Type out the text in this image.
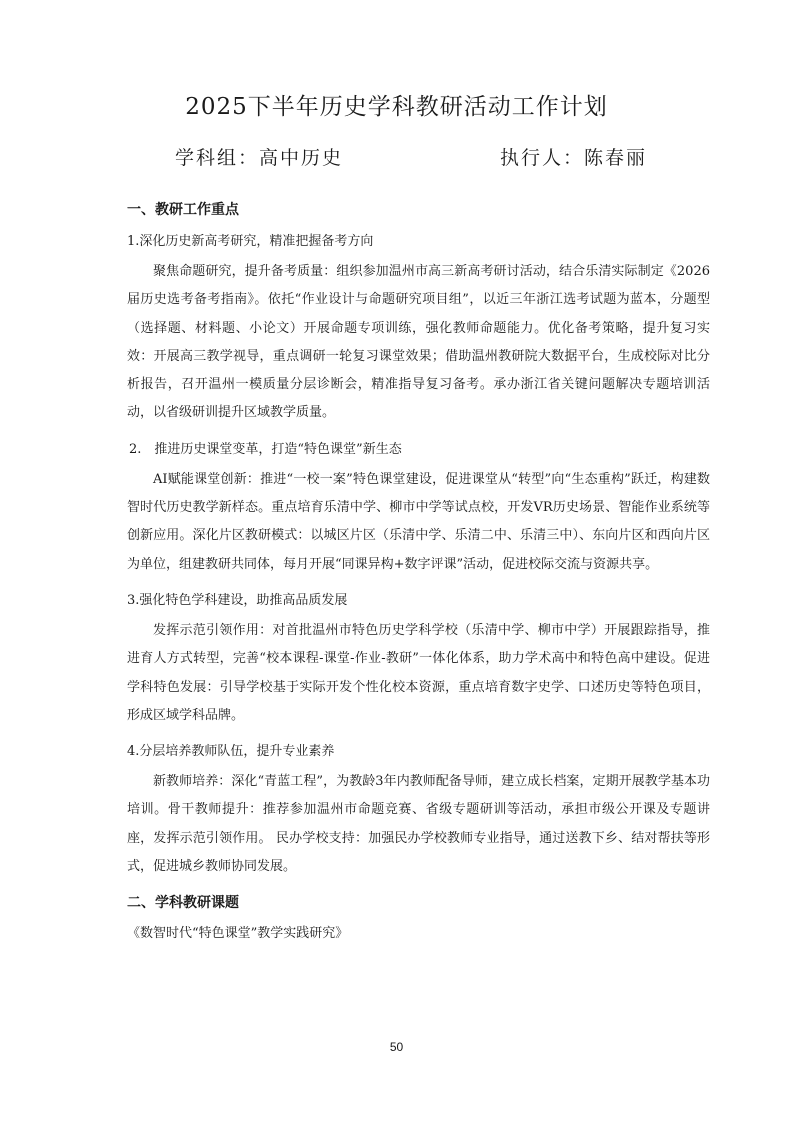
2025下半年历史学科教研活动工作计划
学科组：高中历史	执行人：陈春丽
一、教研工作重点
1.深化历史新高考研究，精准把握备考方向
聚焦命题研究，提升备考质量：组织参加温州市高三新高考研讨活动，结合乐清实际制定《2026届历史选考备考指南》。依托“作业设计与命题研究项目组”，以近三年浙江选考试题为蓝本，分题型（选择题、材料题、小论文）开展命题专项训练，强化教师命题能力。优化备考策略，提升复习实效：开展高三教学视导，重点调研一轮复习课堂效果；借助温州教研院大数据平台，生成校际对比分析报告，召开温州一模质量分层诊断会，精准指导复习备考。承办浙江省关键问题解决专题培训活动，以省级研训提升区域教学质量。
2.　推进历史课堂变革，打造“特色课堂”新生态
AI赋能课堂创新：推进“一校一案”特色课堂建设，促进课堂从“转型”向“生态重构”跃迁，构建数智时代历史教学新样态。重点培育乐清中学、柳市中学等试点校，开发VR历史场景、智能作业系统等创新应用。深化片区教研模式：以城区片区（乐清中学、乐清二中、乐清三中）、东向片区和西向片区为单位，组建教研共同体，每月开展“同课异构+数字评课”活动，促进校际交流与资源共享。
3.强化特色学科建设，助推高品质发展
发挥示范引领作用：对首批温州市特色历史学科学校（乐清中学、柳市中学）开展跟踪指导，推进育人方式转型，完善“校本课程-课堂-作业-教研”一体化体系，助力学术高中和特色高中建设。促进学科特色发展：引导学校基于实际开发个性化校本资源，重点培育数字史学、口述历史等特色项目，形成区域学科品牌。
4.分层培养教师队伍，提升专业素养
新教师培养：深化“青蓝工程”，为教龄3年内教师配备导师，建立成长档案，定期开展教学基本功培训。骨干教师提升：推荐参加温州市命题竞赛、省级专题研训等活动，承担市级公开课及专题讲座，发挥示范引领作用。 民办学校支持：加强民办学校教师专业指导，通过送教下乡、结对帮扶等形式，促进城乡教师协同发展。
二、学科教研课题
《数智时代“特色课堂”教学实践研究》
50
